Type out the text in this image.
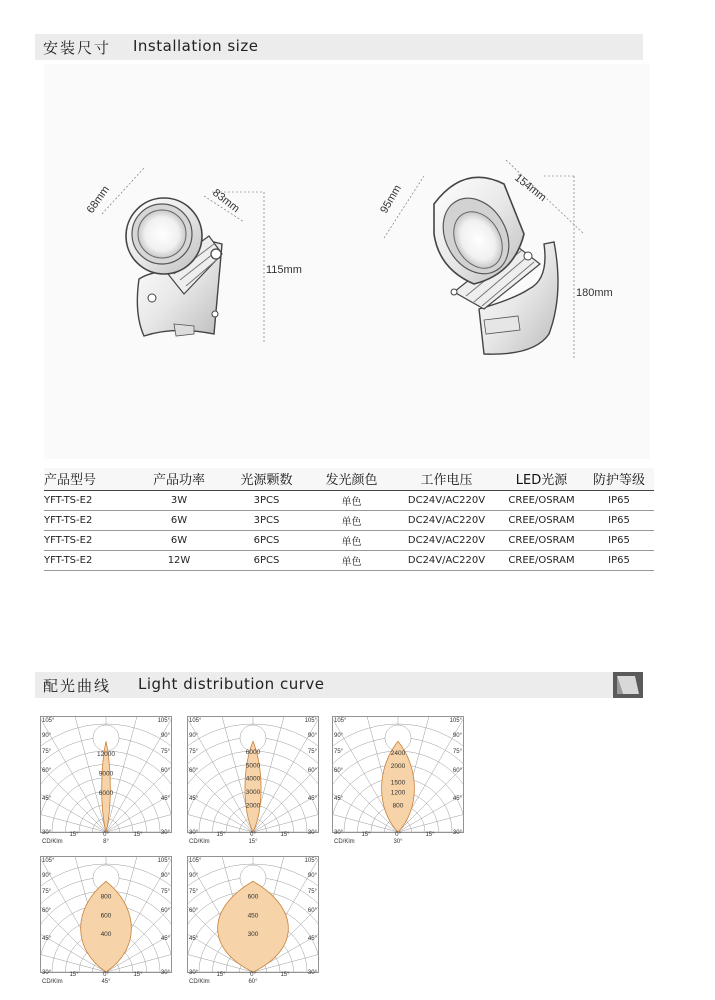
安装尺寸 Installation size
68mm	83mm
115mm
95mm	154mm
180mm
产品型号	产品功率	光源颗数	发光颜色	工作电压	LED光源	防护等级
YFT-TS-E2	3W	3PCS	单色	DC24V/AC220V	CREE/OSRAM	IP65
YFT-TS-E2	6W	3PCS	单色	DC24V/AC220V	CREE/OSRAM	IP65
YFT-TS-E2	6W	6PCS	单色	DC24V/AC220V	CREE/OSRAM	IP65
YFT-TS-E2	12W	6PCS	单色	DC24V/AC220V	CREE/OSRAM	IP65
配光曲线 Light distribution curve
6000
9000
12000
105°	105°
90°	90°
75°	75°
60°	60°
45°	45°
30°	30°
15°	15°
0°
CD/Klm	8°
2000
3000
4000
5000
6000
105°	105°
90°	90°
75°	75°
60°	60°
45°	45°
30°	30°
15°	15°
0°
CD/Klm	15°
800
1200
1500
2000
2400
105°	105°
90°	90°
75°	75°
60°	60°
45°	45°
30°	30°
15°	15°
0°
CD/Klm	30°
400
600
800
105°	105°
90°	90°
75°	75°
60°	60°
45°	45°
30°	30°
15°	15°
0°
CD/Klm	45°
300
450
600
105°	105°
90°	90°
75°	75°
60°	60°
45°	45°
30°	30°
15°	15°
0°
CD/Klm	60°
